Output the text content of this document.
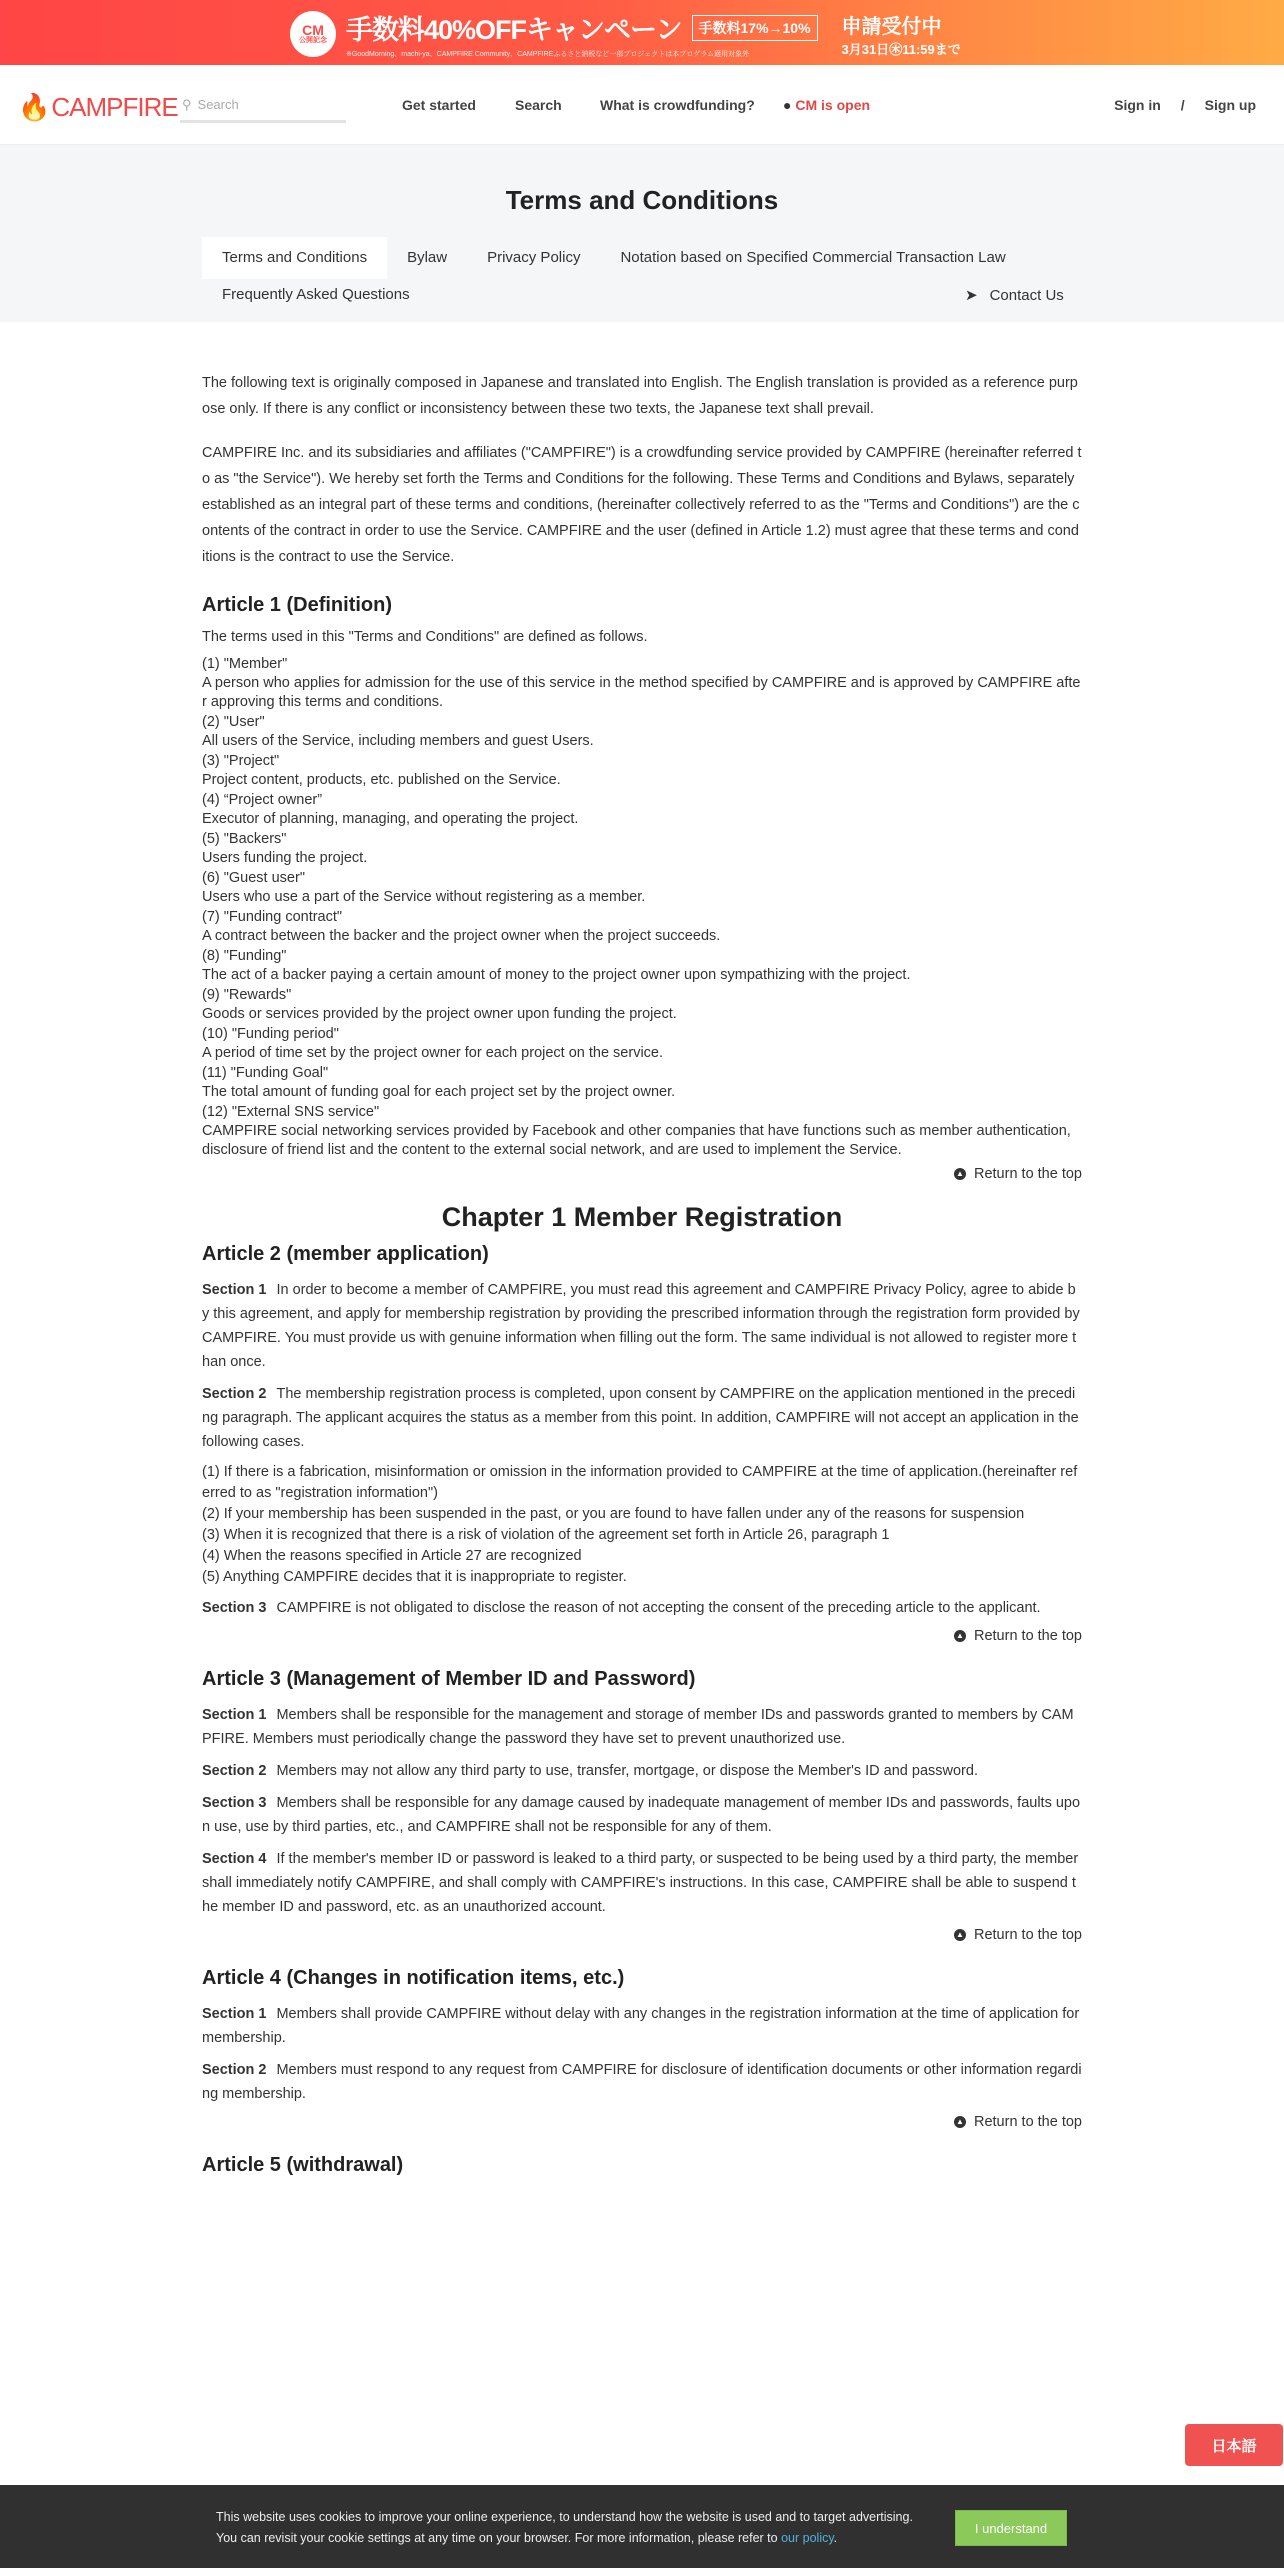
CM
公開記念 手数料40%OFFキャンペーン	手数料17%→10%
※GoodMorning、machi-ya、CAMPFIRE Community、CAMPFIREふるさと納税など一部プロジェクトは本プログラム適用対象外
申請受付中
3月31日㊍11:59まで
🔥 CAMPFIRE ⚲ Search	Get started	Search	What is crowdfunding? ● CM is open	Sign in / Sign up
Terms and Conditions
Terms and Conditions	Bylaw	Privacy Policy	Notation based on Specified Commercial Transaction Law
Frequently Asked Questions	➤ Contact Us

The following text is originally composed in Japanese and translated into English. The English translation is provided as a reference purpose only. If there is any conflict or inconsistency between these two texts, the Japanese text shall prevail.

CAMPFIRE Inc. and its subsidiaries and affiliates ("CAMPFIRE") is a crowdfunding service provided by CAMPFIRE (hereinafter referred to as "the Service"). We hereby set forth the Terms and Conditions for the following. These Terms and Conditions and Bylaws, separately established as an integral part of these terms and conditions, (hereinafter collectively referred to as the "Terms and Conditions") are the contents of the contract in order to use the Service. CAMPFIRE and the user (defined in Article 1.2) must agree that these terms and conditions is the contract to use the Service.

Article 1 (Definition)

The terms used in this "Terms and Conditions" are defined as follows.

(1) "Member"
A person who applies for admission for the use of this service in the method specified by CAMPFIRE and is approved by CAMPFIRE after approving this terms and conditions.
(2) "User"
All users of the Service, including members and guest Users.
(3) "Project"
Project content, products, etc. published on the Service.
(4) “Project owner”
Executor of planning, managing, and operating the project.
(5) "Backers"
Users funding the project.
(6) "Guest user"
Users who use a part of the Service without registering as a member.
(7) "Funding contract"
A contract between the backer and the project owner when the project succeeds.
(8) "Funding"
The act of a backer paying a certain amount of money to the project owner upon sympathizing with the project.
(9) "Rewards"
Goods or services provided by the project owner upon funding the project.
(10) "Funding period"
A period of time set by the project owner for each project on the service.
(11) "Funding Goal"
The total amount of funding goal for each project set by the project owner.
(12) "External SNS service"
CAMPFIRE social networking services provided by Facebook and other companies that have functions such as member authentication, disclosure of friend list and the content to the external social network, and are used to implement the Service.
▲ Return to the top
Chapter 1 Member Registration
Article 2 (member application)

Section 1 In order to become a member of CAMPFIRE, you must read this agreement and CAMPFIRE Privacy Policy, agree to abide by this agreement, and apply for membership registration by providing the prescribed information through the registration form provided by CAMPFIRE. You must provide us with genuine information when filling out the form. The same individual is not allowed to register more than once.

Section 2 The membership registration process is completed, upon consent by CAMPFIRE on the application mentioned in the preceding paragraph. The applicant acquires the status as a member from this point. In addition, CAMPFIRE will not accept an application in the following cases.

(1) If there is a fabrication, misinformation or omission in the information provided to CAMPFIRE at the time of application.(hereinafter referred to as "registration information")
(2) If your membership has been suspended in the past, or you are found to have fallen under any of the reasons for suspension
(3) When it is recognized that there is a risk of violation of the agreement set forth in Article 26, paragraph 1
(4) When the reasons specified in Article 27 are recognized
(5) Anything CAMPFIRE decides that it is inappropriate to register.

Section 3 CAMPFIRE is not obligated to disclose the reason of not accepting the consent of the preceding article to the applicant.

▲ Return to the top
Article 3 (Management of Member ID and Password)

Section 1 Members shall be responsible for the management and storage of member IDs and passwords granted to members by CAMPFIRE. Members must periodically change the password they have set to prevent unauthorized use.

Section 2 Members may not allow any third party to use, transfer, mortgage, or dispose the Member's ID and password.

Section 3 Members shall be responsible for any damage caused by inadequate management of member IDs and passwords, faults upon use, use by third parties, etc., and CAMPFIRE shall not be responsible for any of them.

Section 4 If the member's member ID or password is leaked to a third party, or suspected to be being used by a third party, the member shall immediately notify CAMPFIRE, and shall comply with CAMPFIRE's instructions. In this case, CAMPFIRE shall be able to suspend the member ID and password, etc. as an unauthorized account.

▲ Return to the top
Article 4 (Changes in notification items, etc.)

Section 1 Members shall provide CAMPFIRE without delay with any changes in the registration information at the time of application for membership.

Section 2 Members must respond to any request from CAMPFIRE for disclosure of identification documents or other information regarding membership.

▲ Return to the top
Article 5 (withdrawal)
日本語
This website uses cookies to improve your online experience, to understand how the website is used and to target advertising.
You can revisit your cookie settings at any time on your browser. For more information, please refer to our policy.
I understand
